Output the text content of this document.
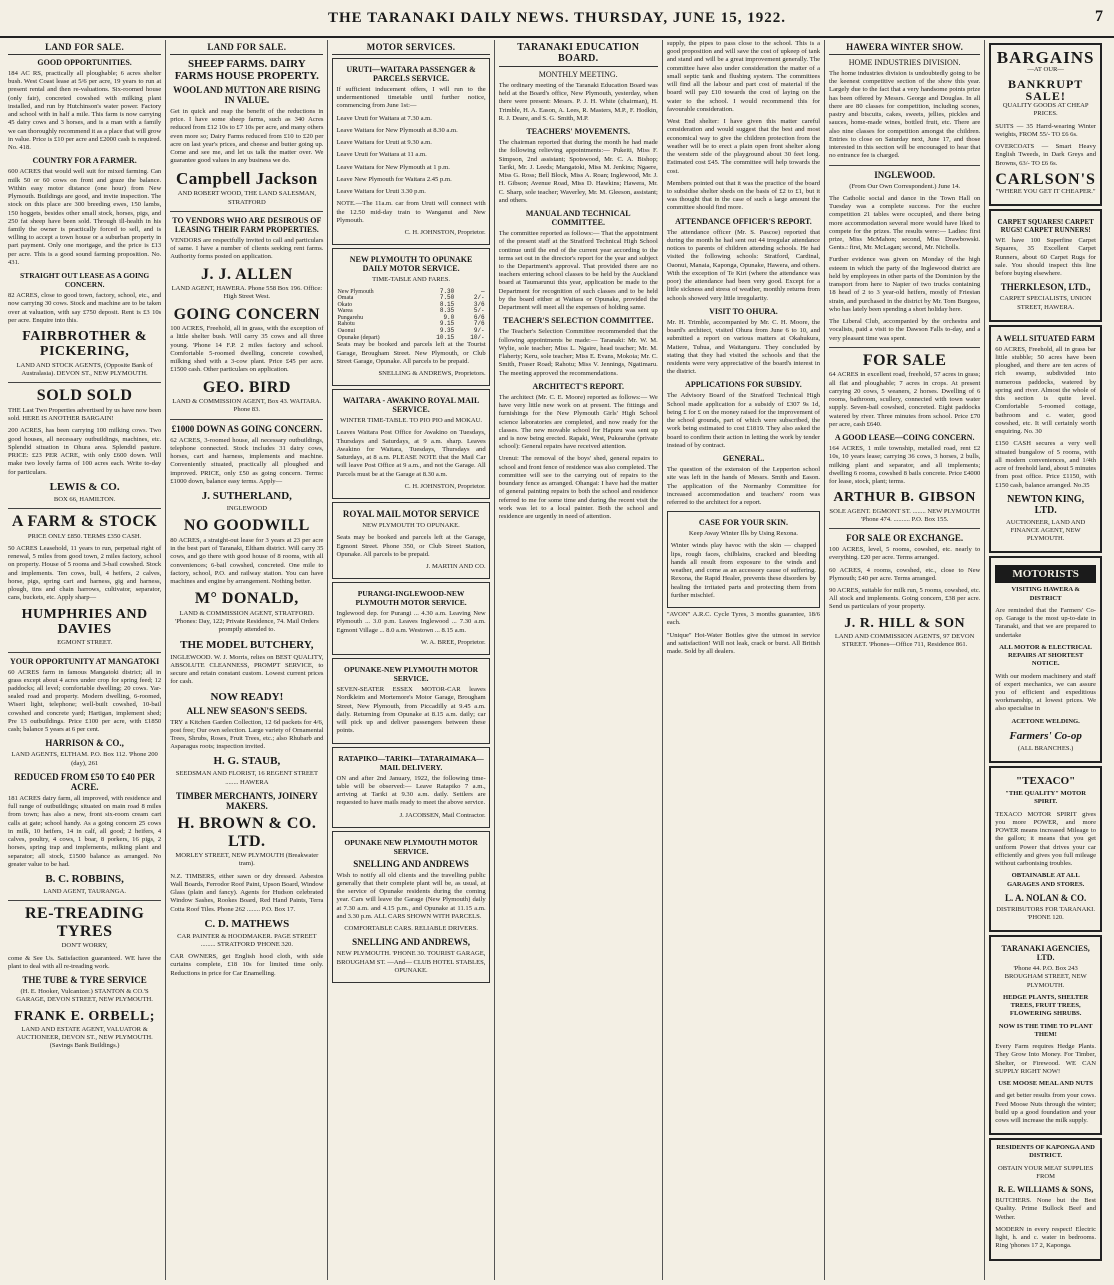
THE TARANAKI DAILY NEWS. THURSDAY, JUNE 15, 1922.	7
LAND FOR SALE.
GOOD OPPORTUNITIES.
184 AC RS, practically all ploughable; 6 acres shelter bush. West Coast lease at 5/6 per acre, 19 years to run at present rental and then re-valuations. Six-roomed house (only fair), concreted cowshed with milking plant installed, and run by Hutchinson's water power. Factory and school with in half a mile. This farm is now carrying 45 dairy cows and 3 horses, and is a man with a family we can thoroughly recommend it as a place that will grow in value. Price is £10 per acre and £2000 cash is required. No. 418.
COUNTRY FOR A FARMER.
600 ACRES that would well suit for mixed farming. Can milk 50 or 60 cows on front and graze the balance. Within easy motor distance (one hour) from New Plymouth. Buildings are good, and invite inspection. The stock on this place are 300 breeding ewes, 150 lambs, 150 hoggets, besides other small stock, horses, pigs, and 250 fat sheep have been sold. Through ill-health in his family the owner is practically forced to sell, and is willing to accept a town house or a suburban property in part payment. Only one mortgage, and the price is £13 per acre. This is a good sound farming proposition. No. 431.
STRAIGHT OUT LEASE AS A GOING CONCERN.
82 ACRES, close to good town, factory, school, etc., and now carrying 30 cows. Stock and machine are to be taken over at valuation, with say £750 deposit. Rent is £3 10s per acre. Enquire into this.
FAIRBROTHER & PICKERING,
LAND AND STOCK AGENTS, (Opposite Bank of Australasia). DEVON ST., NEW PLYMOUTH.
SOLD SOLD
THE Last Two Properties advertised by us have now been sold. HERE IS ANOTHER BARGAIN!
200 ACRES, has been carrying 100 milking cows. Two good houses, all necessary outbuildings, machines, etc. Splendid situation in Ohura area. Splendid pasture. PRICE: £23 PER ACRE, with only £600 down. Will make two lovely farms of 100 acres each. Write to-day for particulars.
LEWIS & CO.
BOX 66, HAMILTON.
A FARM & STOCK
PRICE ONLY £850. TERMS £350 CASH.
50 ACRES Leasehold, 11 years to run, perpetual right of renewal, 5 miles from good town, 2 miles factory, school on property. House of 5 rooms and 3-bail cowshed. Stock and implements. Ten cows, bull, 4 heifers, 2 calves, horse, pigs, spring cart and harness, gig and harness, plough, tins and chain harrows, cultivator, separator, cans, buckets, etc. Apply sharp—
HUMPHRIES AND DAVIES
EGMONT STREET.
YOUR OPPORTUNITY AT MANGATOKI
60 ACRES farm in famous Mangatoki district; all in grass except about 4 acres under crop for spring feed; 12 paddocks; all level; comfortable dwelling; 20 cows. Yar-sealed road and property. Modern dwelling, 6-roomed, Wiseri light, telephone; well-built cowshed, 10-bail cowshed and concrete yard; Hartigan, implement shed; Pre 13 outbuildings. Price £100 per acre, with £1850 cash; balance 5 years at 6 per cent.
HARRISON & CO.,
LAND AGENTS, ELTHAM. P.O. Box 112. 'Phone 200 (day), 261
REDUCED FROM £50 TO £40 PER ACRE.
181 ACRES dairy farm, all improved, with residence and full range of outbuildings; situated on main road 8 miles from town; has also a new, front six-room cream cart calls at gate; school handy. As a going concern 25 cows in milk, 10 heifers, 14 in calf, all good; 2 heifers, 4 calves, poultry, 4 cows, 1 boar, 8 porkers, 16 pigs, 2 horses, spring trap and implements, milking plant and separator; all stock, £1500 balance as arranged. No greater value to be had.
B. C. ROBBINS,
LAND AGENT, TAURANGA.
RE-TREADING TYRES
DON'T WORRY,
come & See Us. Satisfaction guaranteed. WE have the plant to deal with all re-treading work.
THE TUBE & TYRE SERVICE
(H. E. Hooker, Vulcanizer.) STANTON & CO.'S GARAGE, DEVON STREET, NEW PLYMOUTH.
FRANK E. ORBELL;
LAND AND ESTATE AGENT, VALUATOR & AUCTIONEER, DEVON ST., NEW PLYMOUTH. (Savings Bank Buildings.)
LAND FOR SALE.
SHEEP FARMS. DAIRY FARMS HOUSE PROPERTY.
WOOL AND MUTTON ARE RISING IN VALUE.
Get in quick and reap the benefit of the reductions in price. I have some sheep farms, such as 340 Acres reduced from £12 10s to £7 10s per acre, and many others even more so; Dairy Farms reduced from £10 to £20 per acre on last year's prices, and cheese and butter going up. Come and see me, and let us talk the matter over. We guarantee good values in any business we do.
Campbell Jackson
AND ROBERT WOOD, THE LAND SALESMAN, STRATFORD
TO VENDORS WHO ARE DESIROUS OF LEASING THEIR FARM PROPERTIES.
VENDORS are respectfully invited to call and particulars of same. I have a number of clients seeking rent farms. Authority forms posted on application.
J. J. ALLEN
LAND AGENT, HAWERA. Phone 558 Box 196. Office: High Street West.
GOING CONCERN
100 ACRES, Freehold, all in grass, with the exception of a little shelter bush. Will carry 35 cows and all three young. 'Phone 14 F.P. 2 miles factory and school. Comfortable 5-roomed dwelling, concrete cowshed, milking shed with a 3-cow plant. Price £45 per acre. £1500 cash. Other particulars on application.
GEO. BIRD
LAND & COMMISSION AGENT, Box 43. WAITARA. Phone 83.
£1000 DOWN AS GOING CONCERN.
62 ACRES, 3-roomed house, all necessary outbuildings, telephone connected. Stock includes 31 dairy cows, horses, cart and harness, implements and machine. Conveniently situated, practically all ploughed and improved. PRICE, only £50 as going concern. Terms: £1000 down, balance easy terms. Apply—
J. SUTHERLAND,
INGLEWOOD
NO GOODWILL
80 ACRES, a straight-out lease for 3 years at 23 per acre in the best part of Taranaki, Eltham district. Will carry 35 cows, and go there with good house of 8 rooms, with all conveniences; 6-bail cowshed, concreted. One mile to factory, school, P.O. and railway station. You can have machines and engine by arrangement. Nothing better.
M° DONALD,
LAND & COMMISSION AGENT, STRATFORD. 'Phones: Day, 122; Private Residence, 74. Mail Orders promptly attended to.
THE MODEL BUTCHERY,
INGLEWOOD. W. J. Morris, relies on BEST QUALITY, ABSOLUTE CLEANNESS, PROMPT SERVICE, to secure and retain constant custom. Lowest current prices for cash.
NOW READY!
ALL NEW SEASON'S SEEDS.
TRY a Kitchen Garden Collection, 12 6d packets for 4/6, post free; Our own selection. Large variety of Ornamental Trees, Shrubs, Roses, Fruit Trees, etc.; also Rhubarb and Asparagus roots; inspection invited.
H. G. STAUB,
SEEDSMAN AND FLORIST, 16 REGENT STREET ........ HAWERA
TIMBER MERCHANTS, JOINERY MAKERS.
H. BROWN & CO. LTD.
MORLEY STREET, NEW PLYMOUTH (Breakwater tram).
N.Z. TIMBERS, either sawn or dry dressed. Asbestos Wall Boards, Ferrodor Roof Paint, Upson Board, Window Glass (plain and fancy). Agents for Hudson celebrated Window Sashes, Rookes Board, Red Hand Paints, Terra Cotta Roof Tiles. Phone 262 ........ P.O. Box 17.
C. D. MATHEWS
CAR PAINTER & HOODMAKER. PAGE STREET ......... STRATFORD 'PHONE 320.
CAR OWNERS, get English hood cloth, with side curtains complete, £18 10s for limited time only. Reductions in price for Car Enamelling.
MOTOR SERVICES.
URUTI—WAITARA PASSENGER & PARCELS SERVICE.
If sufficient inducement offers, I will run to the undermentioned timetable until further notice, commencing from June 1st:—
Leave Uruti for Waitara at 7.30 a.m.
Leave Waitara for New Plymouth at 8.30 a.m.
Leave Waitara for Uruti at 9.30 a.m.
Leave Uruti for Waitara at 11 a.m.
Leave Waitara for New Plymouth at 1 p.m.
Leave New Plymouth for Waitara 2.45 p.m.
Leave Waitara for Uruti 3.30 p.m.
NOTE.—The 11a.m. car from Uruti will connect with the 12.50 mid-day train to Wanganui and New Plymouth.
C. H. JOHNSTON, Proprietor.
NEW PLYMOUTH TO OPUNAKE DAILY MOTOR SERVICE.
TIME-TABLE AND FARES.
New Plymouth	7.30	—
Omata	7.50	2/-
Okato	8.15	3/6
Warea	8.35	5/-
Pungarehu	9.0	6/6
Rahotu	9.15	7/6
Oaonui	9.35	9/-
Opunake (depart)	10.15	10/-
Seats may be booked and parcels left at the Tourist Garage, Brougham Street. New Plymouth, or Club Street Garage, Opunake. All parcels to be prepaid.
SNELLING & ANDREWS, Proprietors.
WAITARA - AWAKINO ROYAL MAIL SERVICE.
WINTER TIME-TABLE. TO PIO PIO and MOKAU.
Leaves Waitara Post Office for Awakino on Tuesdays, Thursdays and Saturdays, at 9 a.m. sharp. Leaves Awakino for Waitara, Tuesdays, Thursdays and Saturdays, at 8 a.m. PLEASE NOTE that the Mail Car will leave Post Office at 9 a.m., and not the Garage. All Parcels must be at the Garage at 8.30 a.m.
C. H. JOHNSTON, Proprietor.
ROYAL MAIL MOTOR SERVICE
NEW PLYMOUTH TO OPUNAKE.
Seats may be booked and parcels left at the Garage, Egmont Street. Phone 350, or Club Street Station, Opunake. All parcels to be prepaid.
J. MARTIN AND CO.
PURANGI-INGLEWOOD-NEW PLYMOUTH MOTOR SERVICE.
Inglewood dep. for Purangi ... 4.30 a.m. Leaving New Plymouth ... 3.0 p.m. Leaves Inglewood ... 7.30 a.m. Egmont Village ... 8.0 a.m. Westown ... 8.15 a.m.
W. A. BREE, Proprietor.
OPUNAKE-NEW PLYMOUTH MOTOR SERVICE.
SEVEN-SEATER ESSEX MOTOR-CAR leaves Nordkleim and Mortemore's Motor Garage, Brougham Street, New Plymouth, from Piccadilly at 9.45 a.m. daily. Returning from Opunake at 8.15 a.m. daily; car will pick up and deliver passengers between these points.
RATAPIKO—TARIKI—TATARAIMAKA—MAIL DELIVERY.
ON and after 2nd January, 1922, the following time-table will be observed:— Leave Ratapiko 7 a.m., arriving at Tariki at 9.30 a.m. daily. Settlers are requested to have mails ready to meet the above service.
J. JACOBSEN, Mail Contractor.
OPUNAKE NEW PLYMOUTH MOTOR SERVICE.
SNELLING AND ANDREWS
Wish to notify all old clients and the travelling public generally that their complete plant will be, as usual, at the service of Opunake residents during the coming year. Cars will leave the Garage (New Plymouth) daily at 7.30 a.m. and 4.15 p.m., and Opunake at 11.15 a.m. and 3.30 p.m. ALL CARS SHOWN WITH PARCELS.
COMFORTABLE CARS. RELIABLE DRIVERS.
SNELLING AND ANDREWS,
NEW PLYMOUTH. 'PHONE 30. TOURIST GARAGE, BROUGHAM ST. —And— CLUB HOTEL STABLES, OPUNAKE.
TARANAKI EDUCATION BOARD.
MONTHLY MEETING.
The ordinary meeting of the Taranaki Education Board was held at the Board's office, New Plymouth, yesterday, when there were present: Messrs. P. J. H. White (chairman), H. Trimble, H. A. Eason, A. Lees, R. Masters, M.P., F. Hodkin, R. J. Deare, and S. G. Smith, M.P.
TEACHERS' MOVEMENTS.
The chairman reported that during the month he had made the following relieving appointments:— Pukeiti, Miss F. Simpson, 2nd assistant; Spotswood, Mr. C. A. Bishop; Tariki, Mr. J. Leeds; Mangatoki, Miss M. Jenkins; Ngaere, Miss G. Ross; Bell Block, Miss A. Roan; Inglewood, Mr. J. H. Gibson; Avenue Road, Miss D. Hawkins; Hawera, Mr. C. Sharp, sole teacher; Waverley, Mr. M. Gleeson, assistant; and others.
MANUAL AND TECHNICAL COMMITTEE.
The committee reported as follows:— That the appointment of the present staff at the Stratford Technical High School continue until the end of the current year according to the terms set out in the director's report for the year and subject to the Department's approval. That provided there are no teachers entering school classes to be held by the Auckland board at Taumarunui this year, application be made to the Department for recognition of such classes and to be held by the board either at Waitara or Opunake, provided the Department will meet all the expenses of holding same.
TEACHER'S SELECTION COMMITTEE.
The Teacher's Selection Committee recommended that the following appointments be made:— Taranaki: Mr. W. M. Wylie, sole teacher; Miss L. Ngaire, head teacher; Mr. M. Flaherty; Keru, sole teacher; Miss E. Evans, Mokoia; Mr. C. Smith, Fraser Road; Rahotu; Miss V. Jennings, Ngatimaru. The meeting approved the recommendations.
ARCHITECT'S REPORT.
The architect (Mr. C. E. Moore) reported as follows:— We have very little new work on at present. The fittings and furnishings for the New Plymouth Girls' High School science laboratories are completed, and now ready for the classes. The new movable school for Hapuru was sent up and is now being erected. Rapaki, West, Pukearuhe (private school): General repairs have received attention.
Urenui: The removal of the boys' shed, general repairs to school and front fence of residence was also completed. The committee will see to the carrying out of repairs to the boundary fence as arranged. Ohangai: I have had the matter of general painting repairs to both the school and residence referred to me for some time and during the recent visit the work was let to a local painter. Both the school and residence are urgently in need of attention.
supply, the pipes to pass close to the school. This is a good proposition and will save the cost of upkeep of tank and stand and will be a great improvement generally. The committee have also under consideration the matter of a small septic tank and flushing system. The committees will find all the labour and part cost of material if the board will pay £10 towards the cost of laying on the water to the school. I would recommend this for favourable consideration.
West End shelter: I have given this matter careful consideration and would suggest that the best and most economical way to give the children protection from the weather will be to erect a plain open front shelter along the western side of the playground about 30 feet long. Estimated cost £45. The committee will help towards the cost.
Members pointed out that it was the practice of the board to subsidise shelter sheds on the basis of £2 to £1, but it was thought that in the case of such a large amount the committee should find more.
ATTENDANCE OFFICER'S REPORT.
The attendance officer (Mr. S. Pascoe) reported that during the month he had sent out 44 irregular attendance notices to parents of children attending schools. He had visited the following schools: Stratford, Cardinal, Oaonui, Manaia, Kaponga, Opunake, Hawera, and others. With the exception of Te Kiri (where the attendance was poor) the attendance had been very good. Except for a little sickness and stress of weather, monthly returns from schools showed very little irregularity.
VISIT TO OHURA.
Mr. H. Trimble, accompanied by Mr. C. H. Moore, the board's architect, visited Ohura from June 6 to 10, and submitted a report on various matters at Okahukura, Matiere, Tuhua, and Waitanguru. They concluded by stating that they had visited the schools and that the residents were very appreciative of the board's interest in the district.
APPLICATIONS FOR SUBSIDY.
The Advisory Board of the Stratford Technical High School made application for a subsidy of £307 9s 1d, being £ for £ on the money raised for the improvement of the school grounds, part of which were subscribed, the work being estimated to cost £1819. They also asked the board to confirm their action in letting the work by tender instead of by contract.
GENERAL.
The question of the extension of the Lepperton school site was left in the hands of Messrs. Smith and Eason. The application of the Normanby Committee for increased accommodation and teachers' room was referred to the architect for a report.
CASE FOR YOUR SKIN.
Keep Away Winter Ills by Using Rexona.
Winter winds play havoc with the skin — chapped lips, rough faces, chilblains, cracked and bleeding hands all result from exposure to the winds and weather, and come as an accessory cause of suffering. Rexona, the Rapid Healer, prevents these disorders by healing the irritated parts and protecting them from further mischief.
"AVON" A.R.C. Cycle Tyres, 3 months guarantee, 18/6 each.
"Unique" Hot-Water Bottles give the utmost in service and satisfaction! Will not leak, crack or burst. All British made. Sold by all dealers.
HAWERA WINTER SHOW.
HOME INDUSTRIES DIVISION.
The home industries division is undoubtedly going to be the keenest competitive section of the show this year. Largely due to the fact that a very handsome points prize has been offered by Messrs. George and Douglas. In all there are 80 classes for competition, including scones, pastry and biscuits, cakes, sweets, jellies, pickles and sauces, home-made wines, bottled fruit, etc. There are also nine classes for competition amongst the children. Entries to close on Saturday next, June 17, and those interested in this section will be encouraged to hear that no entrance fee is charged.
INGLEWOOD.
(From Our Own Correspondent.) June 14.
The Catholic social and dance in the Town Hall on Tuesday was a complete success. For the euchre competition 21 tables were occupied, and there being more accommodation several more would have liked to compete for the prizes. The results were:— Ladies: first prize, Miss McMahon; second, Miss Drawbowski. Gents.: first, Mr. McLagan; second, Mr. Nicholls.
Further evidence was given on Monday of the high esteem in which the party of the Inglewood district are held by employees in other parts of the Dominion by the transport from here to Napier of two trucks containing 18 head of 2 to 3 year-old heifers, mostly of Friesian strain, and purchased in the district by Mr. Tom Burgess, who has lately been spending a short holiday here.
The Liberal Club, accompanied by the orchestra and vocalists, paid a visit to the Dawson Falls to-day, and a very pleasant time was spent.
FOR SALE
64 ACRES in excellent road, freehold, 57 acres in grass; all flat and ploughable; 7 acres in crops. At present carrying 20 cows, 5 weaners, 2 horses. Dwelling of 6 rooms, bathroom, scullery, connected with town water supply. Seven-bail cowshed, concreted. Eight paddocks watered by river. Three minutes from school. Price £70 per acre, cash £640.
A GOOD LEASE—COING CONCERN.
164 ACRES, 1 mile township, metalled road, rent £2 10s, 10 years lease; carrying 36 cows, 3 horses, 2 bulls, milking plant and separator, and all implements; dwelling 6 rooms, cowshed 8 bails concrete. Price £4000 for lease, stock, plant; terms.
ARTHUR B. GIBSON
SOLE AGENT. EGMONT ST. ........ NEW PLYMOUTH 'Phone 474. .......... P.O. Box 155.
FOR SALE OR EXCHANGE.
100 ACRES, level, 5 rooms, cowshed, etc. nearly to everything. £20 per acre. Terms arranged.
60 ACRES, 4 rooms, cowshed, etc., close to New Plymouth; £40 per acre. Terms arranged.
90 ACRES, suitable for milk run, 5 rooms, cowshed, etc. All stock and implements. Going concern, £38 per acre. Send us particulars of your property.
J. R. HILL & SON
LAND AND COMMISSION AGENTS, 97 DEVON STREET. 'Phones—Office 711, Residence 861.
BARGAINS
—AT OUR—
BANKRUPT SALE!
QUALITY GOODS AT CHEAP PRICES.
SUITS — 35 Harrd-wearing Winter weights, FROM 55/- TO £6 6s.
OVERCOATS — Smart Heavy English Tweeds, in Dark Greys and Browns, 63/- TO £6 6s.
CARLSON'S
"WHERE YOU GET IT CHEAPER."
CARPET SQUARES! CARPET RUGS! CARPET RUNNERS!
WE have 100 Superfine Carpet Squares, 35 Excellent Carpet Runners, about 60 Carpet Rugs for sale. You should inspect this line before buying elsewhere.
THERKLESON, LTD.,
CARPET SPECIALISTS, UNION STREET, HAWERA.
A WELL SITUATED FARM
60 ACRES, Freehold, all in grass bar little stubble; 50 acres have been ploughed, and there are ten acres of rich swamp, subdivided into numerous paddocks, watered by spring and river. Almost the whole of this section is quite level. Comfortable 5-roomed cottage, bathroom and c. water, good cowshed, etc. It will certainly worth enquiring. No. 30
£150 CASH secures a very well situated bungalow of 5 rooms, with all modern conveniences, and 1/4th acre of freehold land, about 5 minutes from post office. Price £1150, with £150 cash, balance arranged. No.35
NEWTON KING, LTD.
AUCTIONEER, LAND AND FINANCE AGENT, NEW PLYMOUTH.
MOTORISTS
VISITING HAWERA & DISTRICT
Are reminded that the Farmers' Co-op. Garage is the most up-to-date in Taranaki, and that we are prepared to undertake
ALL MOTOR & ELECTRICAL REPAIRS AT SHORTEST NOTICE.
With our modern machinery and staff of expert mechanics, we can assure you of efficient and expeditious workmanship, at lowest prices. We also specialise in
ACETONE WELDING.
Farmers' Co-op
(ALL BRANCHES.)
"TEXACO"
"THE QUALITY" MOTOR SPIRIT.
TEXACO MOTOR SPIRIT gives you more POWER, and more POWER means increased Mileage to the gallon; it means that you get uniform Power that drives your car efficiently and gives you full mileage without carbonising troubles.
OBTAINABLE AT ALL GARAGES AND STORES.
L. A. NOLAN & CO.
DISTRIBUTORS FOR TARANAKI. 'PHONE 120.
TARANAKI AGENCIES, LTD.
'Phone 44. P.O. Box 243 BROUGHAM STREET, NEW PLYMOUTH.
HEDGE PLANTS, SHELTER TREES, FRUIT TREES, FLOWERING SHRUBS.
NOW IS THE TIME TO PLANT THEM!
Every Farm requires Hedge Plants. They Grow Into Money. For Timber, Shelter, or Firewood. WE CAN SUPPLY RIGHT NOW!
USE MOOSE MEAL AND NUTS
and get better results from your cows. Feed Moose Nuts through the winter; build up a good foundation and your cows will increase the milk supply.
RESIDENTS OF KAPONGA AND DISTRICT.
OBTAIN YOUR MEAT SUPPLIES FROM
R. E. WILLIAMS & SONS,
BUTCHERS. None but the Best Quality. Prime Bullock Beef and Wether.
MODERN in every respect! Electric light, h. and c. water in bedrooms. Ring 'phones 17 2, Kaponga.
